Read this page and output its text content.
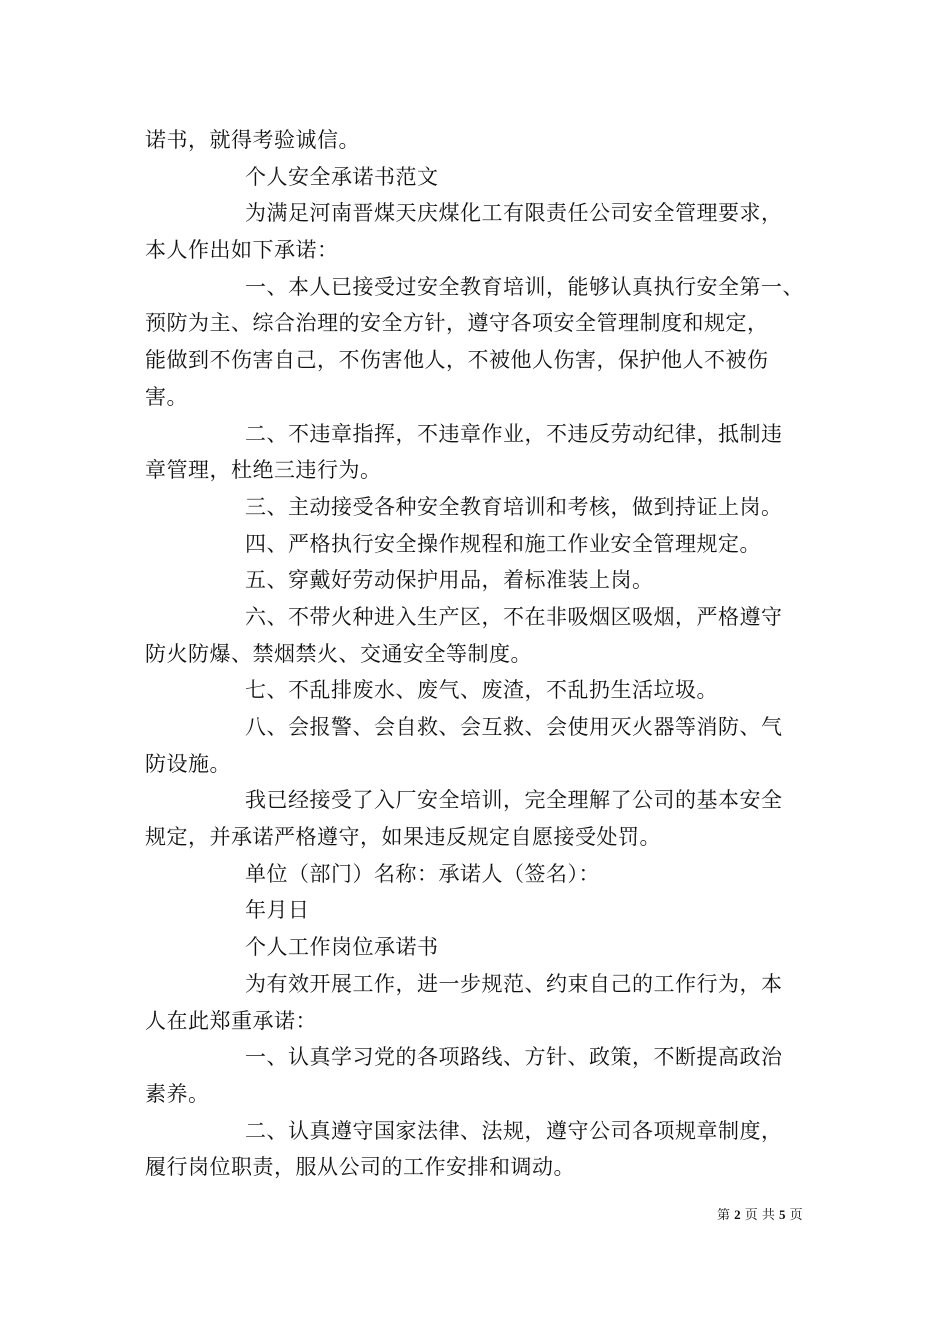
诺书，就得考验诚信。
个人安全承诺书范文
为满足河南晋煤天庆煤化工有限责任公司安全管理要求，
本人作出如下承诺：
一、本人已接受过安全教育培训，能够认真执行安全第一、
预防为主、综合治理的安全方针，遵守各项安全管理制度和规定，
能做到不伤害自己，不伤害他人，不被他人伤害，保护他人不被伤
害。
二、不违章指挥，不违章作业，不违反劳动纪律，抵制违
章管理，杜绝三违行为。
三、主动接受各种安全教育培训和考核，做到持证上岗。
四、严格执行安全操作规程和施工作业安全管理规定。
五、穿戴好劳动保护用品，着标准装上岗。
六、不带火种进入生产区，不在非吸烟区吸烟，严格遵守
防火防爆、禁烟禁火、交通安全等制度。
七、不乱排废水、废气、废渣，不乱扔生活垃圾。
八、会报警、会自救、会互救、会使用灭火器等消防、气
防设施。
我已经接受了入厂安全培训，完全理解了公司的基本安全
规定，并承诺严格遵守，如果违反规定自愿接受处罚。
单位（部门）名称：承诺人（签名）：
年月日
个人工作岗位承诺书
为有效开展工作，进一步规范、约束自己的工作行为，本
人在此郑重承诺：
一、认真学习党的各项路线、方针、政策，不断提高政治
素养。
二、认真遵守国家法律、法规，遵守公司各项规章制度，
履行岗位职责，服从公司的工作安排和调动。
第 2 页 共 5 页
